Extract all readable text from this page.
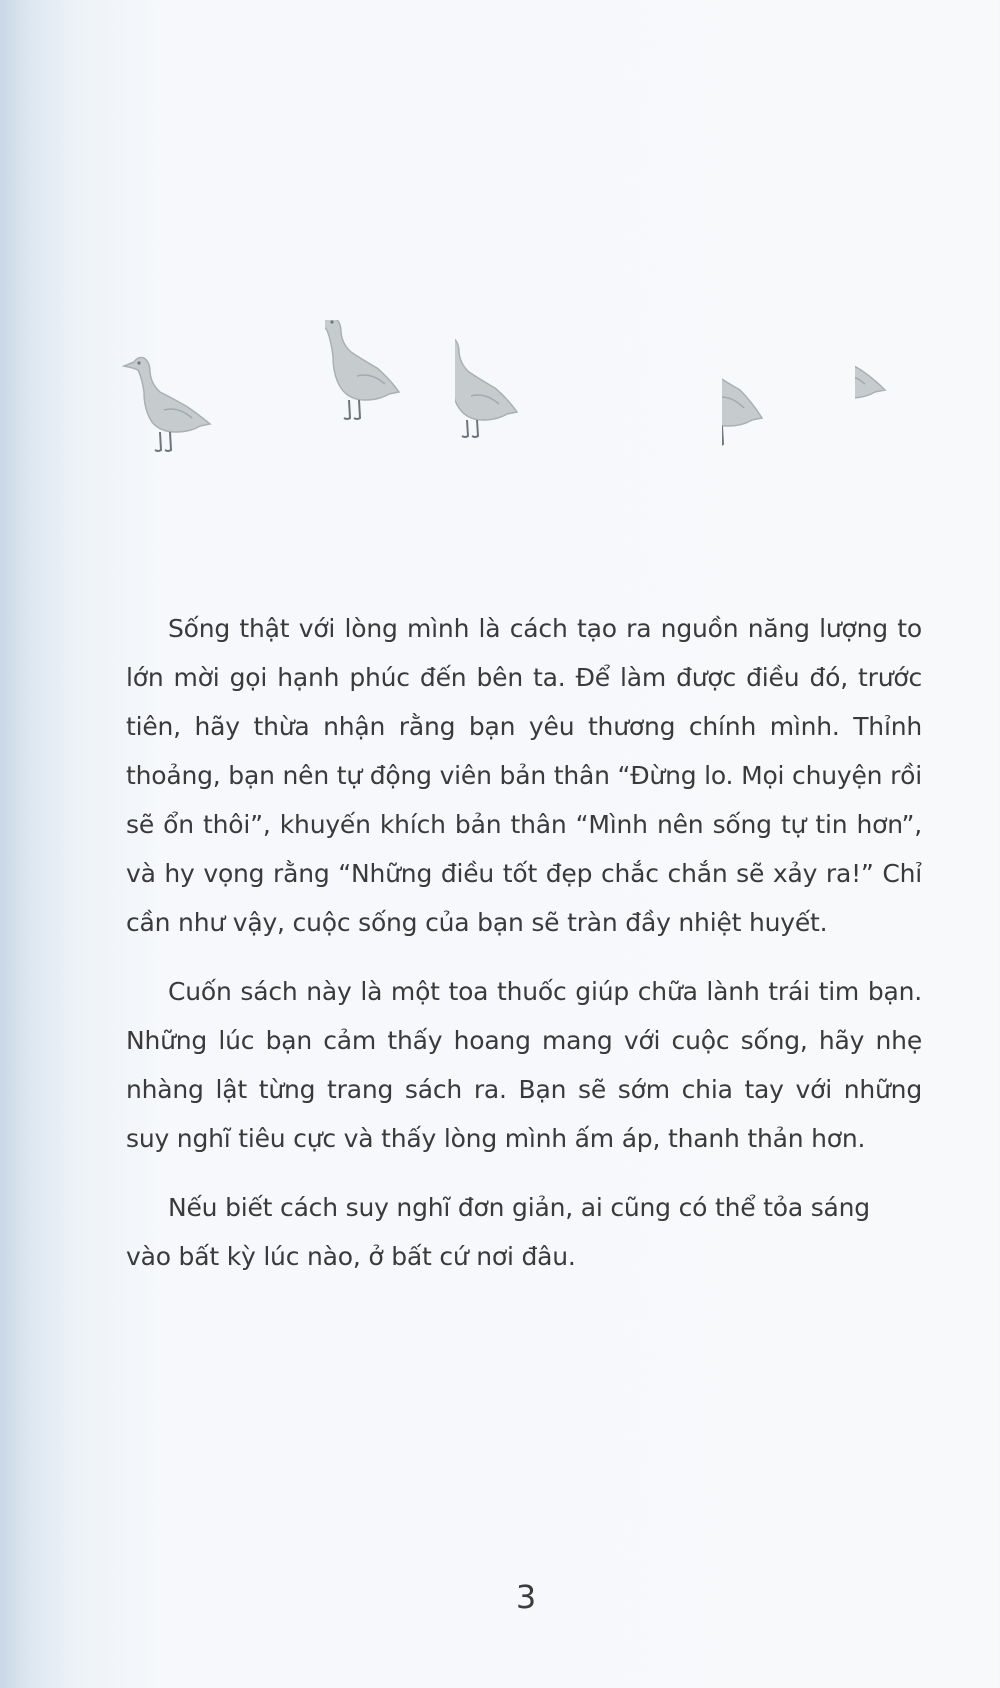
Sống thật với lòng mình là cách tạo ra nguồn năng lượng to lớn mời gọi hạnh phúc đến bên ta. Để làm được điều đó, trước tiên, hãy thừa nhận rằng bạn yêu thương chính mình. Thỉnh thoảng, bạn nên tự động viên bản thân “Đừng lo. Mọi chuyện rồi sẽ ổn thôi”, khuyến khích bản thân “Mình nên sống tự tin hơn”, và hy vọng rằng “Những điều tốt đẹp chắc chắn sẽ xảy ra!” Chỉ cần như vậy, cuộc sống của bạn sẽ tràn đầy nhiệt huyết.

Cuốn sách này là một toa thuốc giúp chữa lành trái tim bạn. Những lúc bạn cảm thấy hoang mang với cuộc sống, hãy nhẹ nhàng lật từng trang sách ra. Bạn sẽ sớm chia tay với những suy nghĩ tiêu cực và thấy lòng mình ấm áp, thanh thản hơn.

Nếu biết cách suy nghĩ đơn giản, ai cũng có thể tỏa sáng vào bất kỳ lúc nào, ở bất cứ nơi đâu.

3
